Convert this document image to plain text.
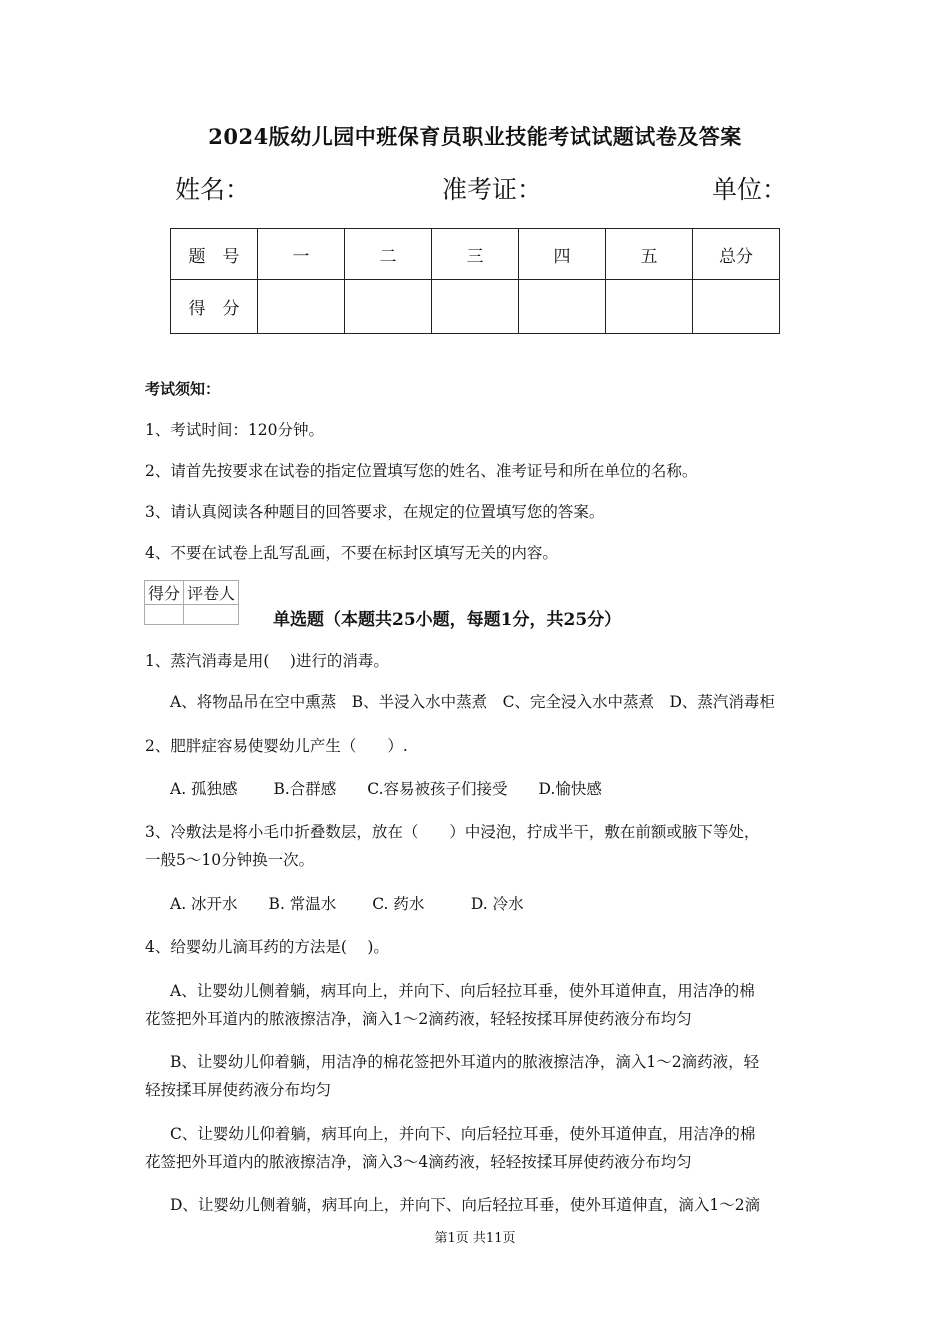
2024版幼儿园中班保育员职业技能考试试题试卷及答案
姓名：	准考证：	单位：
题　号	一	二	三	四	五	总分
得　分						
考试须知：
1、考试时间：120分钟。
2、请首先按要求在试卷的指定位置填写您的姓名、准考证号和所在单位的名称。
3、请认真阅读各种题目的回答要求，在规定的位置填写您的答案。
4、不要在试卷上乱写乱画，不要在标封区填写无关的内容。
得分	评卷人

单选题（本题共25小题，每题1分，共25分）
1、蒸汽消毒是用(　 )进行的消毒。
A、将物品吊在空中熏蒸　B、半浸入水中蒸煮　C、完全浸入水中蒸煮　D、蒸汽消毒柜
2、肥胖症容易使婴幼儿产生（　　）.
A. 孤独感　　 B.合群感　　C.容易被孩子们接受　　D.愉快感
3、冷敷法是将小毛巾折叠数层，放在（　　）中浸泡，拧成半干，敷在前额或腋下等处，
一般5～10分钟换一次。
A. 冰开水　　B. 常温水　　 C. 药水　　　D. 冷水
4、给婴幼儿滴耳药的方法是(　 )。
A、让婴幼儿侧着躺，病耳向上，并向下、向后轻拉耳垂，使外耳道伸直，用洁净的棉
花签把外耳道内的脓液擦洁净，滴入1～2滴药液，轻轻按揉耳屏使药液分布均匀
B、让婴幼儿仰着躺，用洁净的棉花签把外耳道内的脓液擦洁净，滴入1～2滴药液，轻
轻按揉耳屏使药液分布均匀
C、让婴幼儿仰着躺，病耳向上，并向下、向后轻拉耳垂，使外耳道伸直，用洁净的棉
花签把外耳道内的脓液擦洁净，滴入3～4滴药液，轻轻按揉耳屏使药液分布均匀
D、让婴幼儿侧着躺，病耳向上，并向下、向后轻拉耳垂，使外耳道伸直，滴入1～2滴
第1页 共11页
